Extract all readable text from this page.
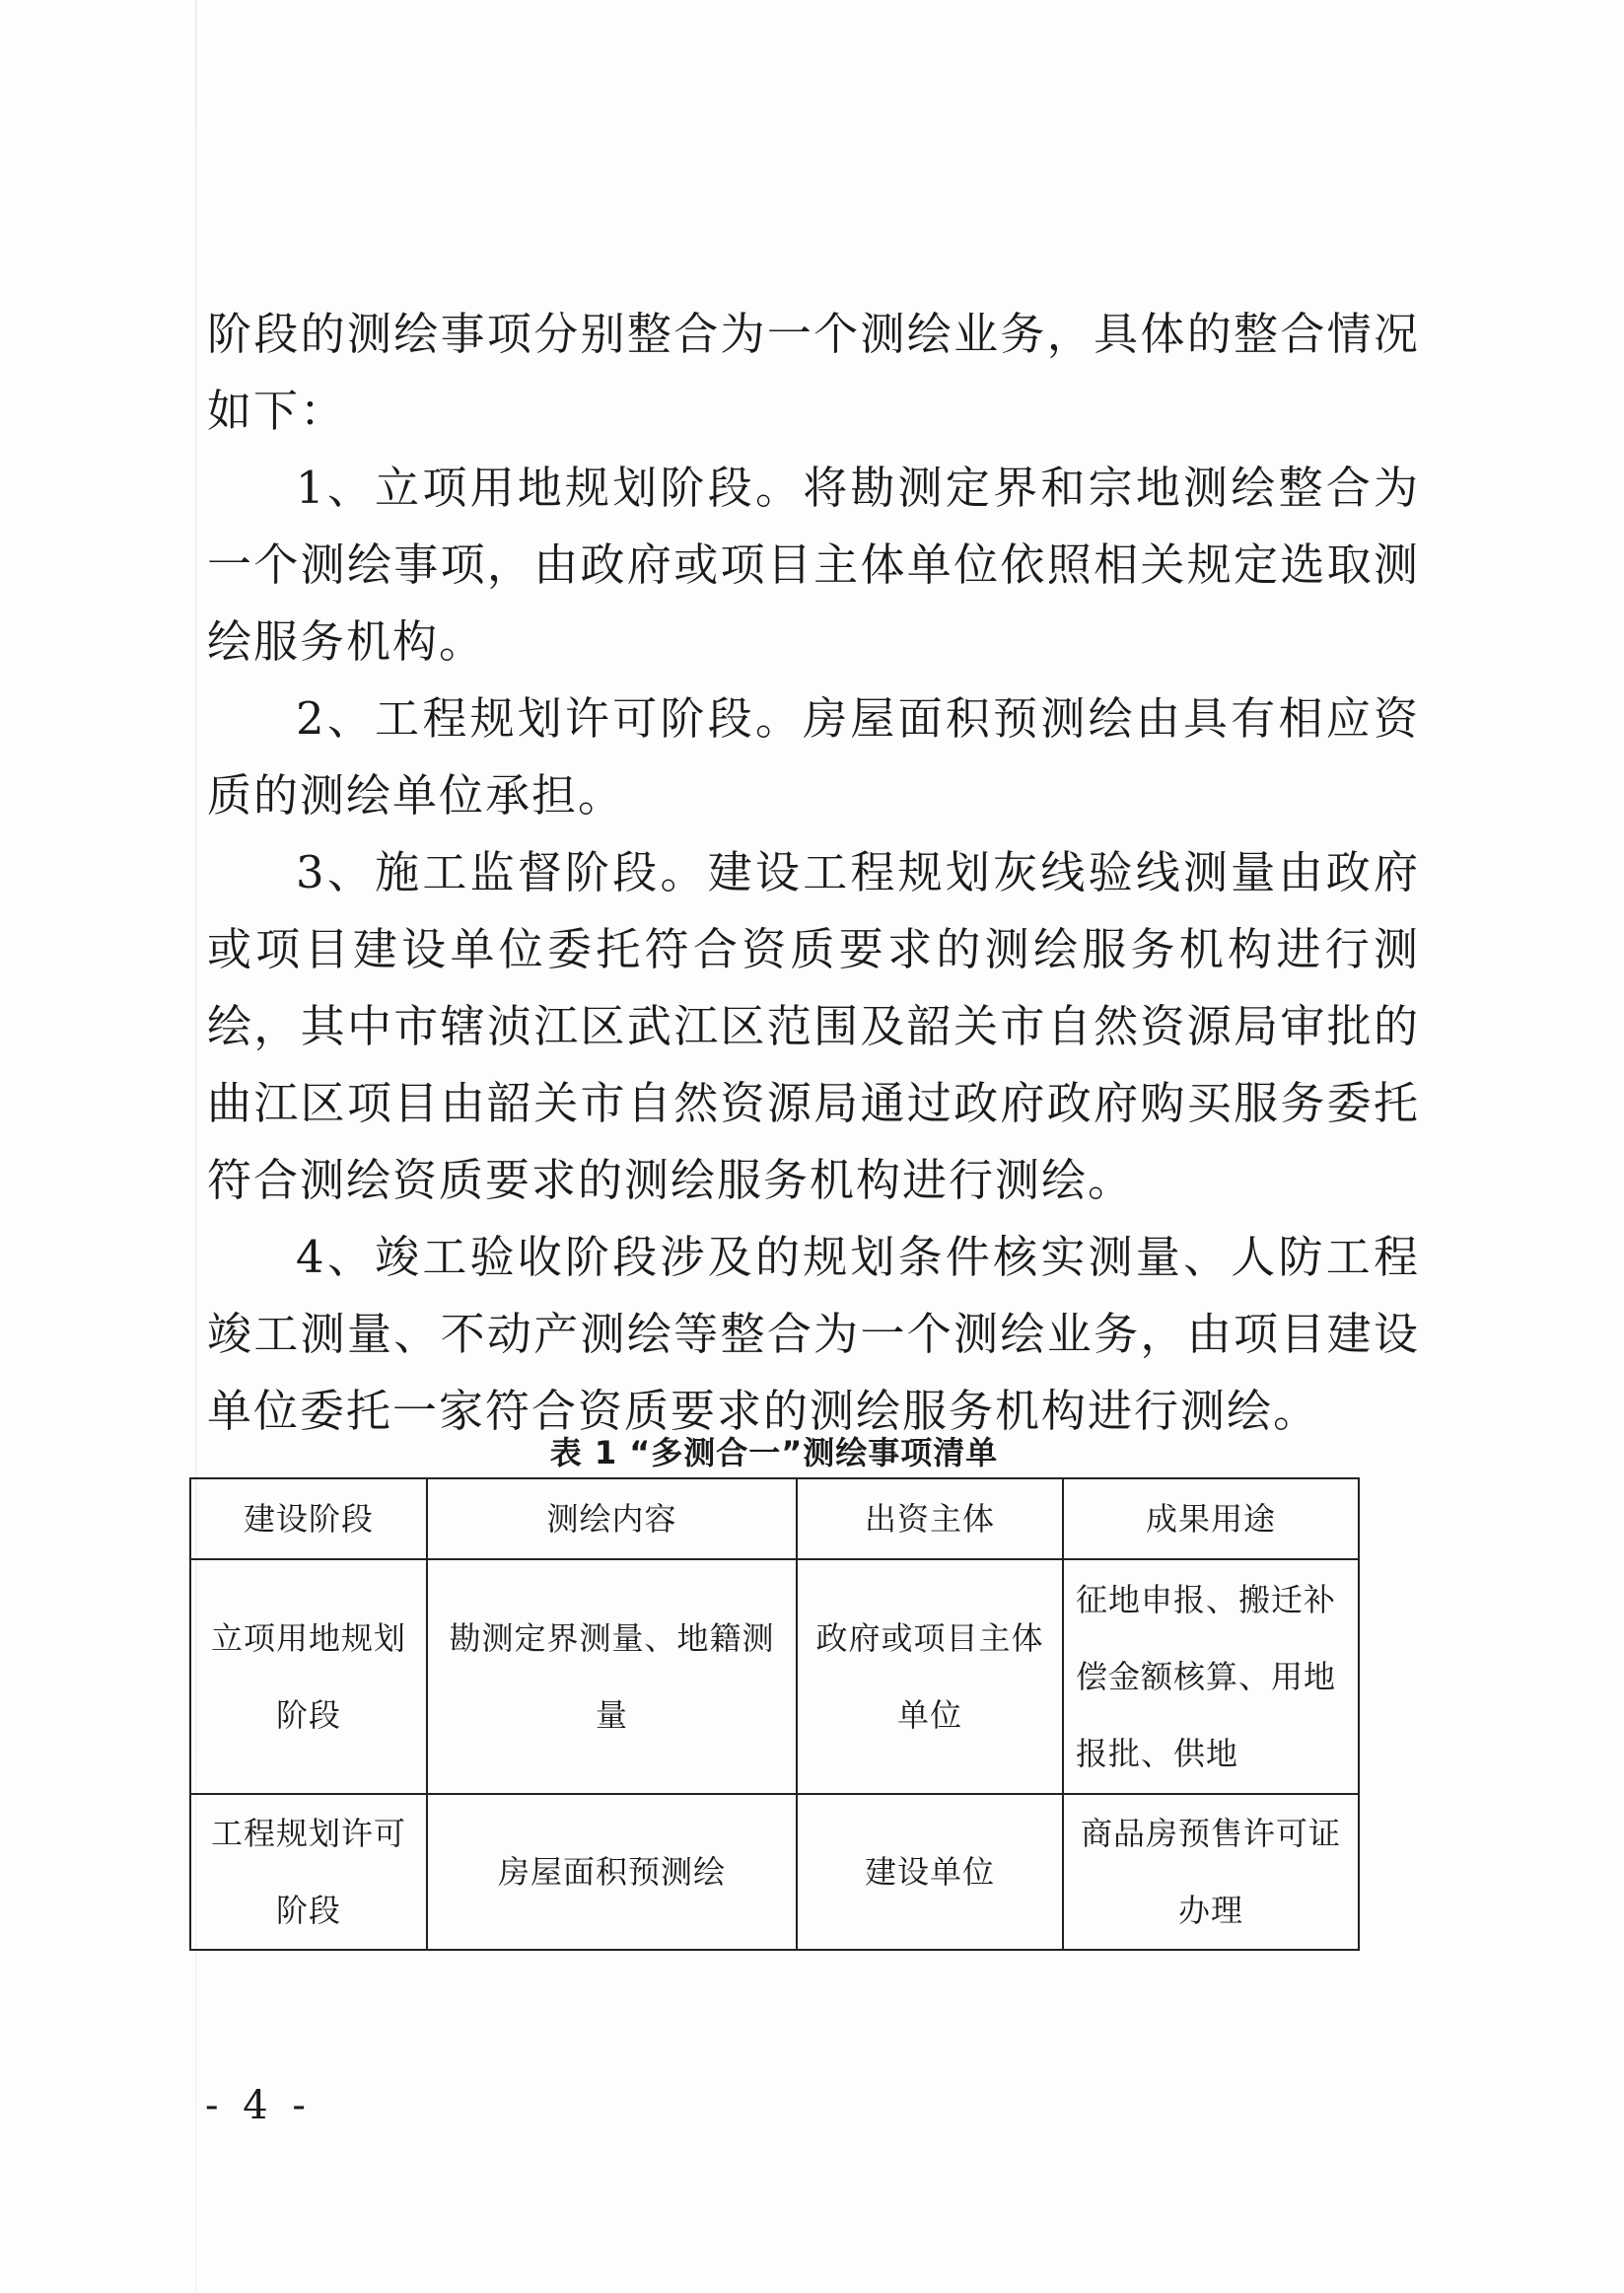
阶段的测绘事项分别整合为一个测绘业务，具体的整合情况如下：

1、立项用地规划阶段。将勘测定界和宗地测绘整合为一个测绘事项，由政府或项目主体单位依照相关规定选取测绘服务机构。

2、工程规划许可阶段。房屋面积预测绘由具有相应资质的测绘单位承担。

3、施工监督阶段。建设工程规划灰线验线测量由政府或项目建设单位委托符合资质要求的测绘服务机构进行测绘，其中市辖浈江区武江区范围及韶关市自然资源局审批的曲江区项目由韶关市自然资源局通过政府政府购买服务委托符合测绘资质要求的测绘服务机构进行测绘。

4、竣工验收阶段涉及的规划条件核实测量、人防工程竣工测量、不动产测绘等整合为一个测绘业务，由项目建设单位委托一家符合资质要求的测绘服务机构进行测绘。

表 1 “多测合一”测绘事项清单
建设阶段	测绘内容	出资主体	成果用途
立项用地规划阶段	勘测定界测量、地籍测量	政府或项目主体单位	征地申报、搬迁补偿金额核算、用地报批、供地
工程规划许可阶段	房屋面积预测绘	建设单位	商品房预售许可证办理
- 4 -
